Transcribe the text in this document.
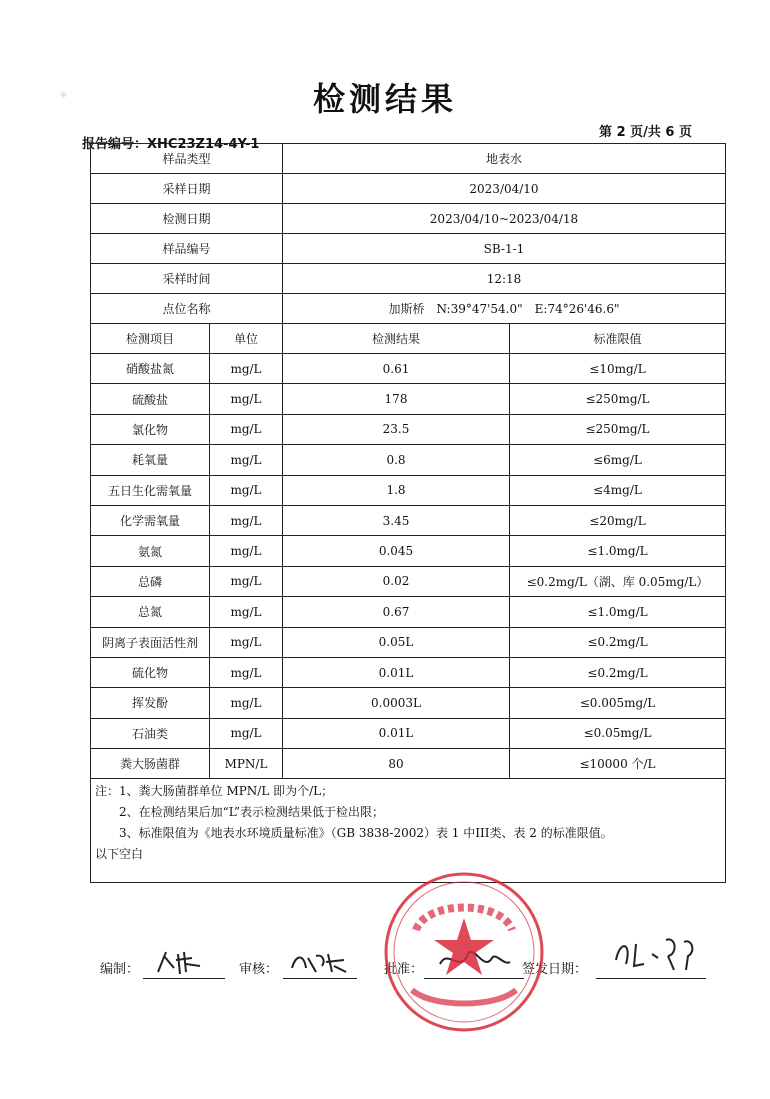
◆	检测结果
报告编号：XHC23Z14-4Y-1
第 2 页/共 6 页
样品类型		地表水	
采样日期		2023/04/10	
检测日期		2023/04/10~2023/04/18	
样品编号		SB-1-1	
采样时间		12:18	
点位名称		加斯桥　N:39°47'54.0"　E:74°26'46.6"	
检测项目	单位	检测结果	标准限值
硝酸盐氮	mg/L	0.61	≤10mg/L
硫酸盐	mg/L	178	≤250mg/L
氯化物	mg/L	23.5	≤250mg/L
耗氧量	mg/L	0.8	≤6mg/L
五日生化需氧量	mg/L	1.8	≤4mg/L
化学需氧量	mg/L	3.45	≤20mg/L
氨氮	mg/L	0.045	≤1.0mg/L
总磷	mg/L	0.02	≤0.2mg/L（湖、库 0.05mg/L）
总氮	mg/L	0.67	≤1.0mg/L
阴离子表面活性剂	mg/L	0.05L	≤0.2mg/L
硫化物	mg/L	0.01L	≤0.2mg/L
挥发酚	mg/L	0.0003L	≤0.005mg/L
石油类	mg/L	0.01L	≤0.05mg/L
粪大肠菌群	MPN/L	80	≤10000 个/L

注：1、粪大肠菌群单位 MPN/L 即为个/L；
　　2、在检测结果后加“L”表示检测结果低于检出限；
　　3、标准限值为《地表水环境质量标准》（GB 3838-2002）表 1 中III类、表 2 的标准限值。
以下空白			
编制：	审核：	批准：	签发日期：
